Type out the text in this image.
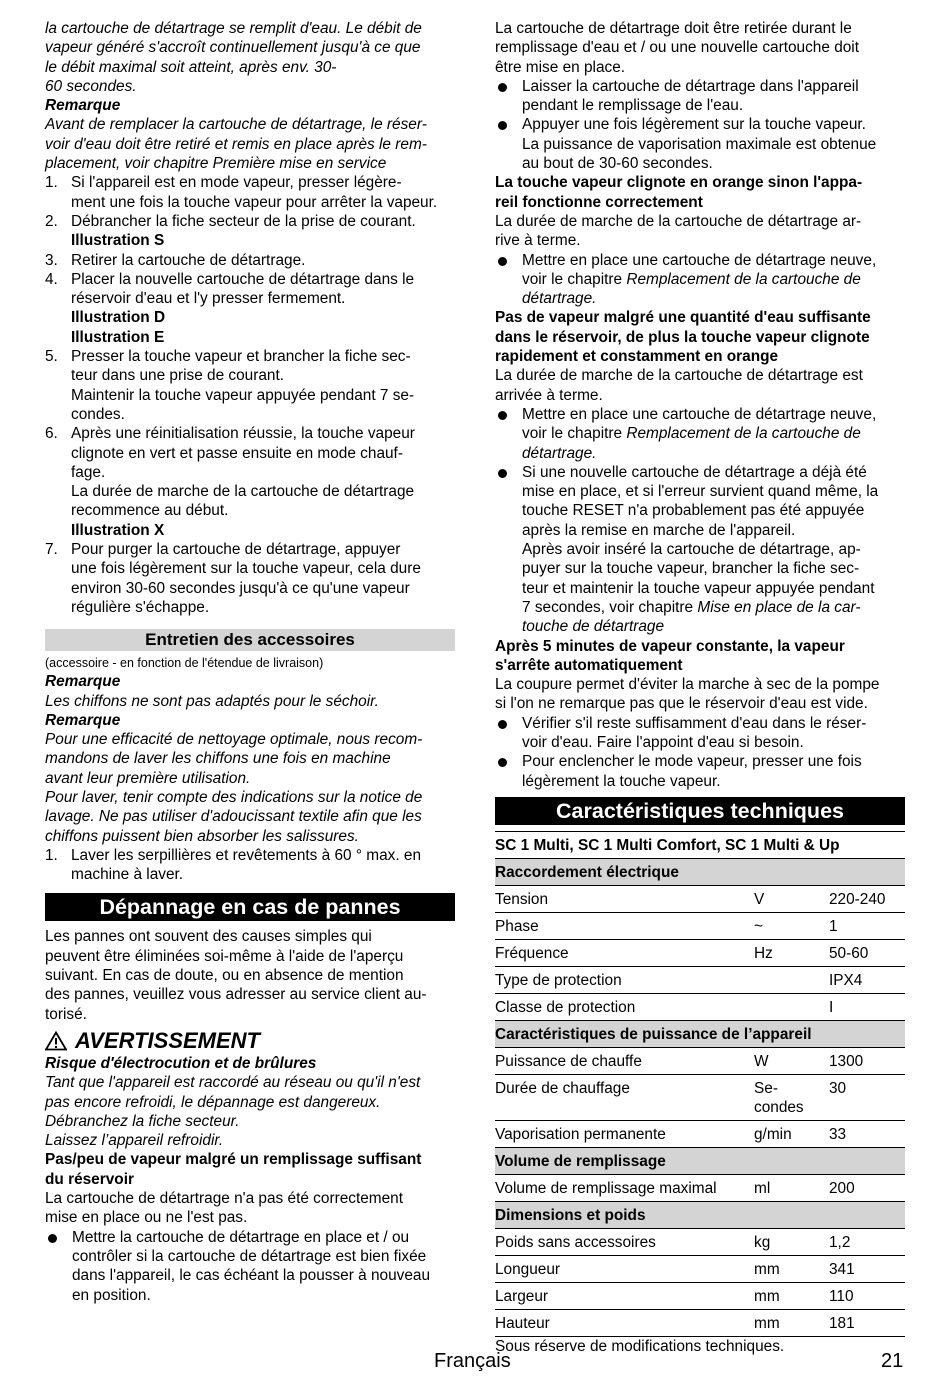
la cartouche de détartrage se remplit d'eau. Le débit de
vapeur généré s'accroît continuellement jusqu'à ce que
le débit maximal soit atteint, après env. 30-
60 secondes.

Remarque

Avant de remplacer la cartouche de détartrage, le réser-
voir d'eau doit être retiré et remis en place après le rem-
placement, voir chapitre Première mise en service

1. Si l'appareil est en mode vapeur, presser légère-
ment une fois la touche vapeur pour arrêter la vapeur.
2. Débrancher la fiche secteur de la prise de courant.
Illustration S
3. Retirer la cartouche de détartrage.
4. Placer la nouvelle cartouche de détartrage dans le
réservoir d'eau et l'y presser fermement.
Illustration D
Illustration E
5. Presser la touche vapeur et brancher la fiche sec-
teur dans une prise de courant.
Maintenir la touche vapeur appuyée pendant 7 se-
condes.
6. Après une réinitialisation réussie, la touche vapeur
clignote en vert et passe ensuite en mode chauf-
fage.
La durée de marche de la cartouche de détartrage
recommence au début.
Illustration X
7. Pour purger la cartouche de détartrage, appuyer
une fois légèrement sur la touche vapeur, cela dure
environ 30-60 secondes jusqu'à ce qu'une vapeur
régulière s'échappe.
Entretien des accessoires

(accessoire - en fonction de l'étendue de livraison)

Remarque

Les chiffons ne sont pas adaptés pour le séchoir.

Remarque

Pour une efficacité de nettoyage optimale, nous recom-
mandons de laver les chiffons une fois en machine
avant leur première utilisation.
Pour laver, tenir compte des indications sur la notice de
lavage. Ne pas utiliser d'adoucissant textile afin que les
chiffons puissent bien absorber les salissures.

1. Laver les serpillières et revêtements à 60 ° max. en
machine à laver.
Dépannage en cas de pannes

Les pannes ont souvent des causes simples qui
peuvent être éliminées soi-même à l'aide de l'aperçu
suivant. En cas de doute, ou en absence de mention
des pannes, veuillez vous adresser au service client au-
torisé.

AVERTISSEMENT

Risque d'électrocution et de brûlures

Tant que l'appareil est raccordé au réseau ou qu'il n'est
pas encore refroidi, le dépannage est dangereux.
Débranchez la fiche secteur.
Laissez l’appareil refroidir.

Pas/peu de vapeur malgré un remplissage suffisant
du réservoir

La cartouche de détartrage n'a pas été correctement
mise en place ou ne l'est pas.

Mettre la cartouche de détartrage en place et / ou
contrôler si la cartouche de détartrage est bien fixée
dans l'appareil, le cas échéant la pousser à nouveau
en position.

La cartouche de détartrage doit être retirée durant le
remplissage d'eau et / ou une nouvelle cartouche doit
être mise en place.

Laisser la cartouche de détartrage dans l'appareil
pendant le remplissage de l'eau.
Appuyer une fois légèrement sur la touche vapeur.
La puissance de vaporisation maximale est obtenue
au bout de 30-60 secondes.

La touche vapeur clignote en orange sinon l'appa-
reil fonctionne correctement

La durée de marche de la cartouche de détartrage ar-
rive à terme.

Mettre en place une cartouche de détartrage neuve,
voir le chapitre Remplacement de la cartouche de
détartrage.

Pas de vapeur malgré une quantité d'eau suffisante
dans le réservoir, de plus la touche vapeur clignote
rapidement et constamment en orange

La durée de marche de la cartouche de détartrage est
arrivée à terme.

Mettre en place une cartouche de détartrage neuve,
voir le chapitre Remplacement de la cartouche de
détartrage.
Si une nouvelle cartouche de détartrage a déjà été
mise en place, et si l'erreur survient quand même, la
touche RESET n'a probablement pas été appuyée
après la remise en marche de l'appareil.
Après avoir inséré la cartouche de détartrage, ap-
puyer sur la touche vapeur, brancher la fiche sec-
teur et maintenir la touche vapeur appuyée pendant
7 secondes, voir chapitre Mise en place de la car-
touche de détartrage

Après 5 minutes de vapeur constante, la vapeur
s'arrête automatiquement

La coupure permet d'éviter la marche à sec de la pompe
si l'on ne remarque pas que le réservoir d'eau est vide.

Vérifier s'il reste suffisamment d'eau dans le réser-
voir d'eau. Faire l'appoint d'eau si besoin.
Pour enclencher le mode vapeur, presser une fois
légèrement la touche vapeur.
Caractéristiques techniques
SC 1 Multi, SC 1 Multi Comfort, SC 1 Multi & Up		
Raccordement électrique		
Tension	V	220-240
Phase	~	1
Fréquence	Hz	50-60
Type de protection		IPX4
Classe de protection		I
Caractéristiques de puissance de l’appareil		
Puissance de chauffe	W	1300
Durée de chauffage	Se-
condes	30
Vaporisation permanente	g/min	33
Volume de remplissage		
Volume de remplissage maximal	ml	200
Dimensions et poids		
Poids sans accessoires	kg	1,2
Longueur	mm	341
Largeur	mm	110
Hauteur	mm	181

Sous réserve de modifications techniques.

Français	21
